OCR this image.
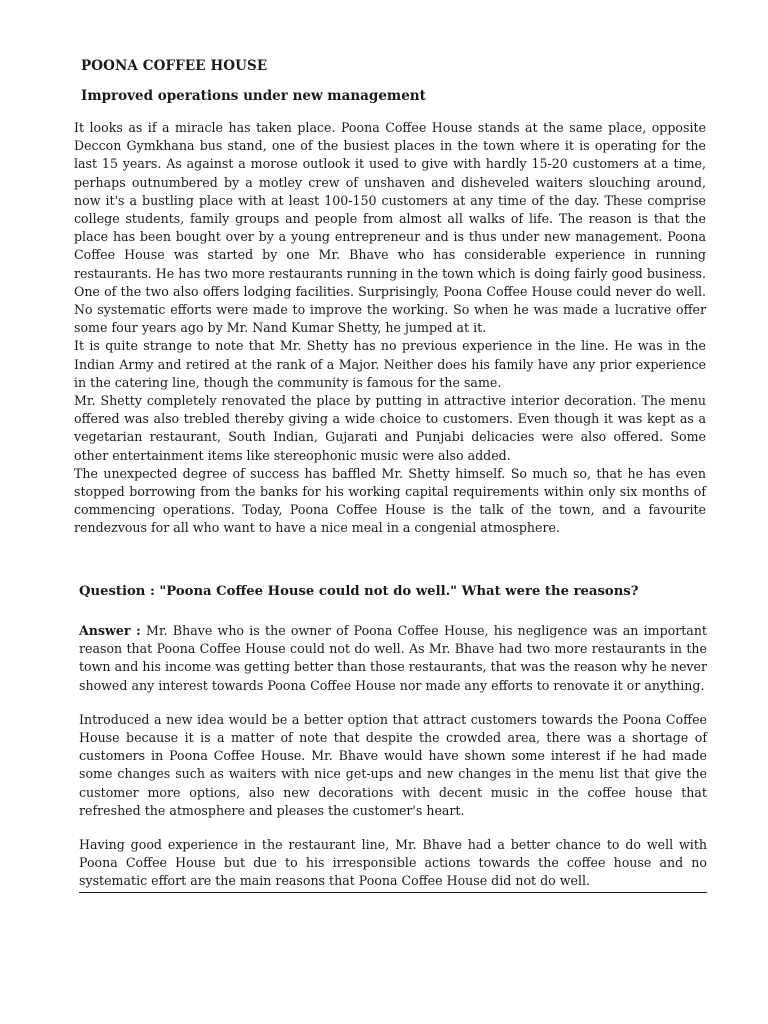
POONA COFFEE HOUSE
Improved operations under new management

It looks as if a miracle has taken place. Poona Coffee House stands at the same place, opposite Deccon Gymkhana bus stand, one of the busiest places in the town where it is operating for the last 15 years. As against a morose outlook it used to give with hardly 15-20 customers at a time, perhaps outnumbered by a motley crew of unshaven and disheveled waiters slouching around, now it's a bustling place with at least 100-150 customers at any time of the day. These comprise college students, family groups and people from almost all walks of life. The reason is that the place has been bought over by a young entrepreneur and is thus under new management. Poona Coffee House was started by one Mr. Bhave who has considerable experience in running restaurants. He has two more restaurants running in the town which is doing fairly good business. One of the two also offers lodging facilities. Surprisingly, Poona Coffee House could never do well. No systematic efforts were made to improve the working. So when he was made a lucrative offer some four years ago by Mr. Nand Kumar Shetty, he jumped at it.

It is quite strange to note that Mr. Shetty has no previous experience in the line. He was in the Indian Army and retired at the rank of a Major. Neither does his family have any prior experience in the catering line, though the community is famous for the same.

Mr. Shetty completely renovated the place by putting in attractive interior decoration. The menu offered was also trebled thereby giving a wide choice to customers. Even though it was kept as a vegetarian restaurant, South Indian, Gujarati and Punjabi delicacies were also offered. Some other entertainment items like stereophonic music were also added.

The unexpected degree of success has baffled Mr. Shetty himself. So much so, that he has even stopped borrowing from the banks for his working capital requirements within only six months of commencing operations. Today, Poona Coffee House is the talk of the town, and a favourite rendezvous for all who want to have a nice meal in a congenial atmosphere.

Question : "Poona Coffee House could not do well." What were the reasons?

Answer : Mr. Bhave who is the owner of Poona Coffee House, his negligence was an important reason that Poona Coffee House could not do well. As Mr. Bhave had two more restaurants in the town and his income was getting better than those restaurants, that was the reason why he never showed any interest towards Poona Coffee House nor made any efforts to renovate it or anything.

Introduced a new idea would be a better option that attract customers towards the Poona Coffee House because it is a matter of note that despite the crowded area, there was a shortage of customers in Poona Coffee House. Mr. Bhave would have shown some interest if he had made some changes such as waiters with nice get-ups and new changes in the menu list that give the customer more options, also new decorations with decent music in the coffee house that refreshed the atmosphere and pleases the customer's heart.

Having good experience in the restaurant line, Mr. Bhave had a better chance to do well with Poona Coffee House but due to his irresponsible actions towards the coffee house and no systematic effort are the main reasons that Poona Coffee House did not do well.
